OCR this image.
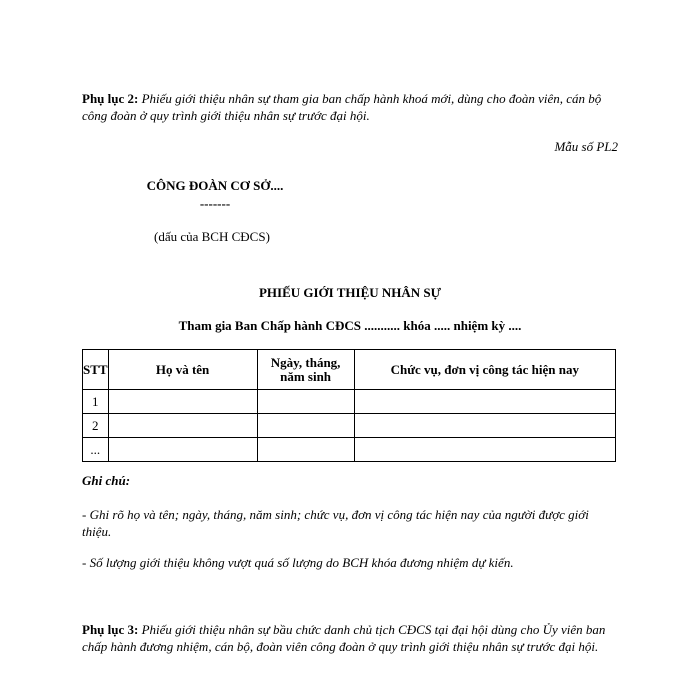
Phụ lục 2: Phiếu giới thiệu nhân sự tham gia ban chấp hành khoá mới, dùng cho đoàn viên, cán bộ công đoàn ở quy trình giới thiệu nhân sự trước đại hội.
Mẫu số PL2
CÔNG ĐOÀN CƠ SỞ....
-------
(dấu của BCH CĐCS)
PHIẾU GIỚI THIỆU NHÂN SỰ
Tham gia Ban Chấp hành CĐCS ........... khóa ..... nhiệm kỳ ....
STT	Họ và tên	Ngày, tháng, năm sinh	Chức vụ, đơn vị công tác hiện nay
1			
2			
...			
Ghi chú:
- Ghi rõ họ và tên; ngày, tháng, năm sinh; chức vụ, đơn vị công tác hiện nay của người được giới thiệu.
- Số lượng giới thiệu không vượt quá số lượng do BCH khóa đương nhiệm dự kiến.
Phụ lục 3: Phiếu giới thiệu nhân sự bầu chức danh chủ tịch CĐCS tại đại hội dùng cho Ủy viên ban chấp hành đương nhiệm, cán bộ, đoàn viên công đoàn ở quy trình giới thiệu nhân sự trước đại hội.
